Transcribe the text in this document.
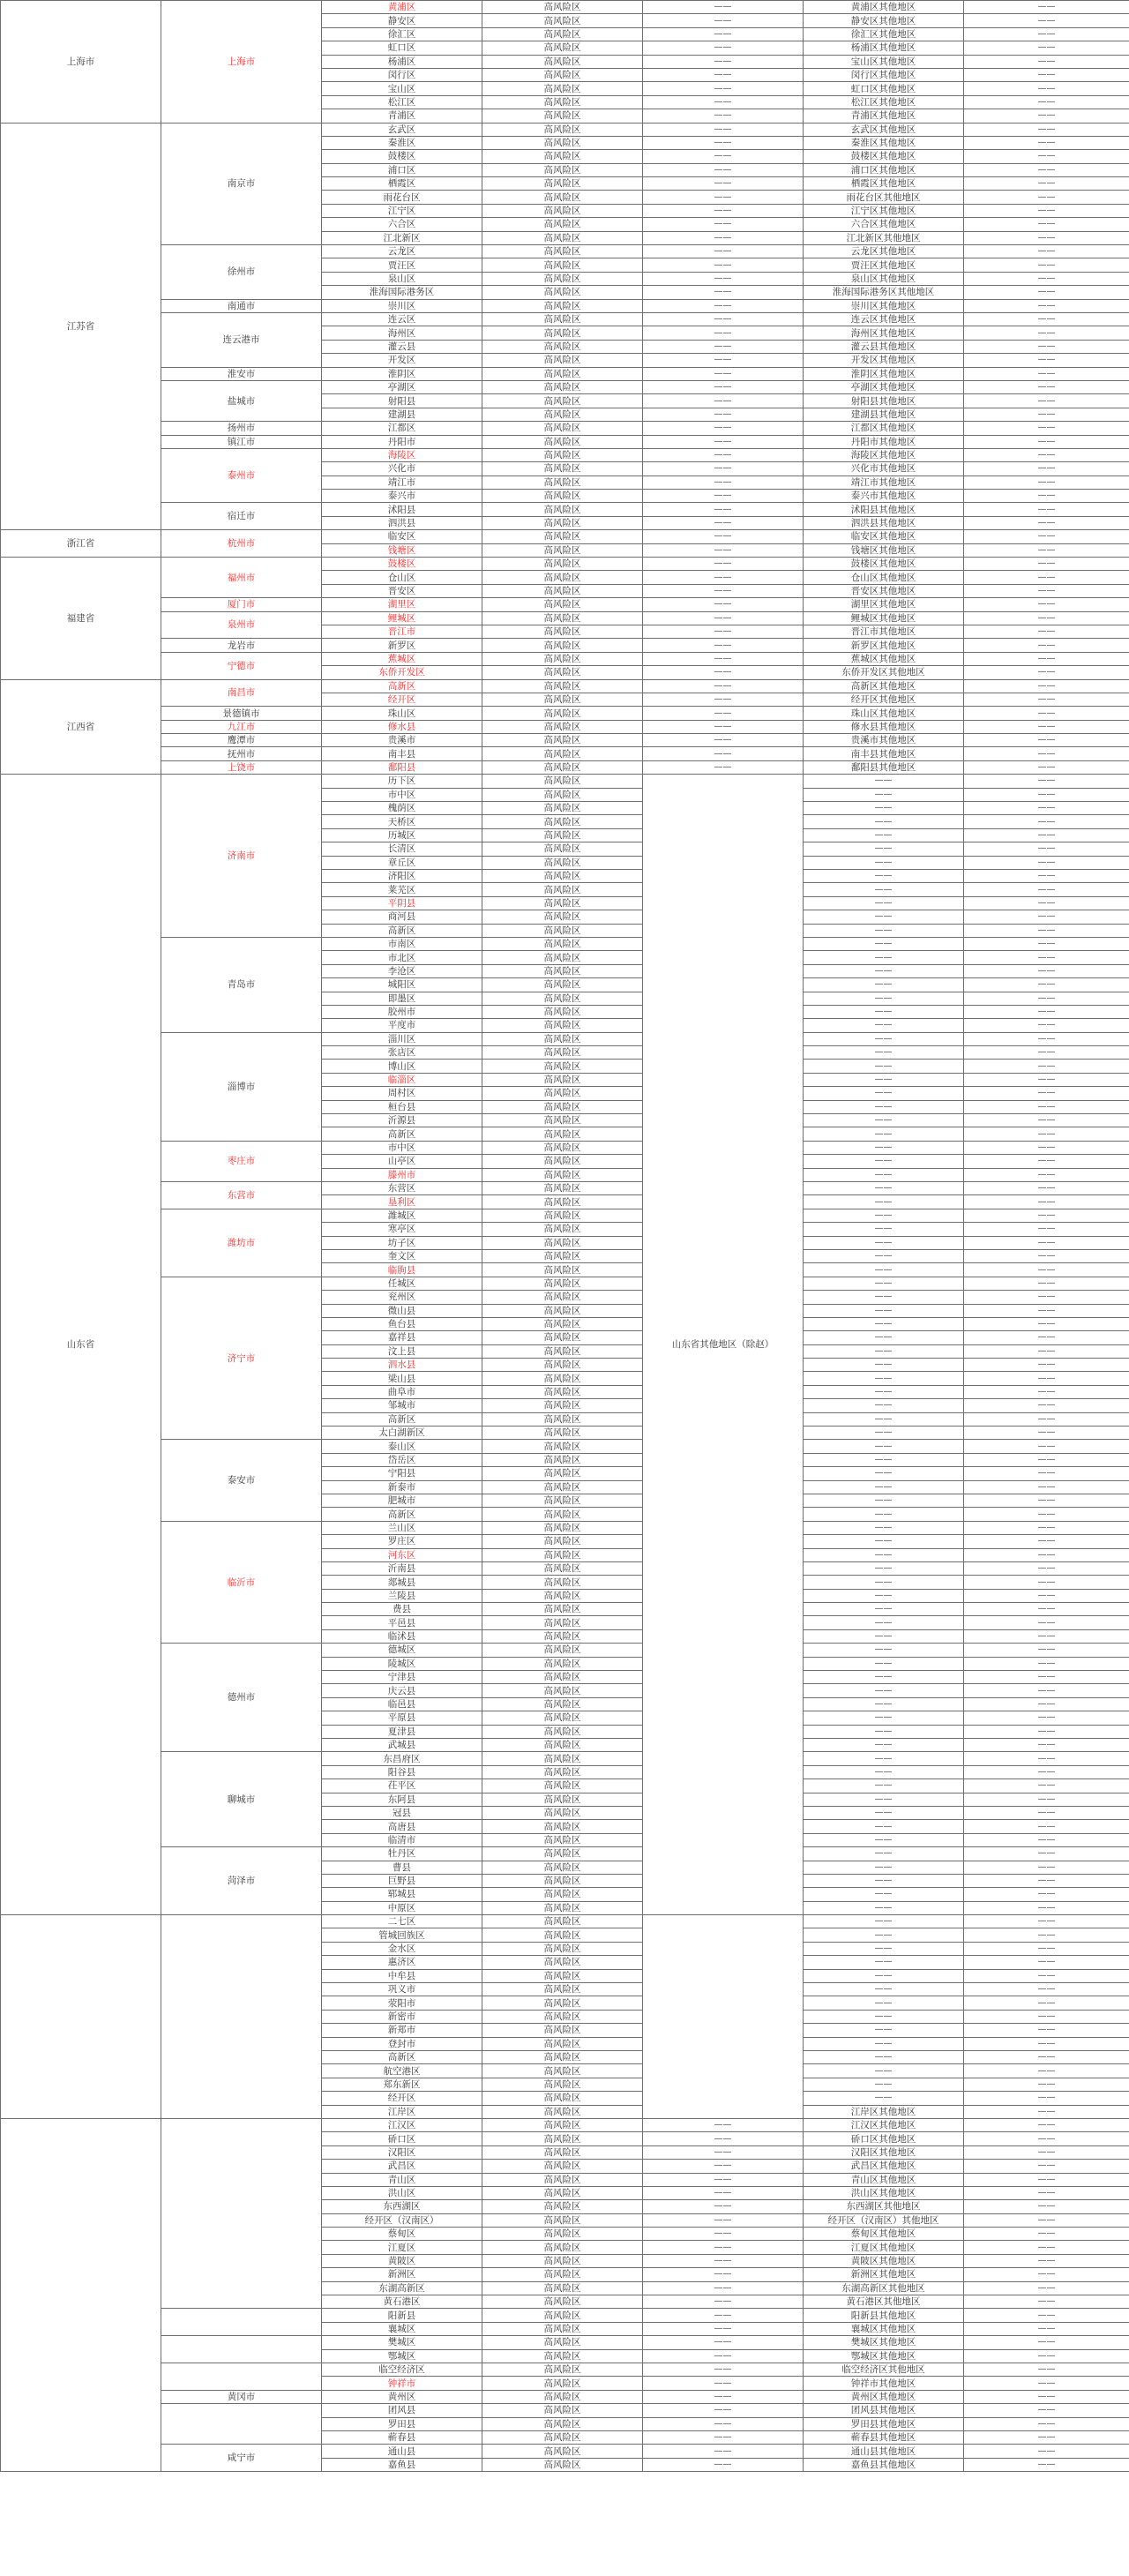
上海市	上海市	黄浦区	高风险区	——	黄浦区其他地区	——
		静安区	高风险区	——	静安区其他地区	——
		徐汇区	高风险区	——	徐汇区其他地区	——
		虹口区	高风险区	——	杨浦区其他地区	——
		杨浦区	高风险区	——	宝山区其他地区	——
		闵行区	高风险区	——	闵行区其他地区	——
		宝山区	高风险区	——	虹口区其他地区	——
		松江区	高风险区	——	松江区其他地区	——
		青浦区	高风险区	——	青浦区其他地区	——
江苏省	南京市	玄武区	高风险区	——	玄武区其他地区	——
		秦淮区	高风险区	——	秦淮区其他地区	——
		鼓楼区	高风险区	——	鼓楼区其他地区	——
		浦口区	高风险区	——	浦口区其他地区	——
		栖霞区	高风险区	——	栖霞区其他地区	——
		雨花台区	高风险区	——	雨花台区其他地区	——
		江宁区	高风险区	——	江宁区其他地区	——
		六合区	高风险区	——	六合区其他地区	——
		江北新区	高风险区	——	江北新区其他地区	——
	徐州市	云龙区	高风险区	——	云龙区其他地区	——
		贾汪区	高风险区	——	贾汪区其他地区	——
		泉山区	高风险区	——	泉山区其他地区	——
		淮海国际港务区	高风险区	——	淮海国际港务区其他地区	——
	南通市	崇川区	高风险区	——	崇川区其他地区	——
	连云港市	连云区	高风险区	——	连云区其他地区	——
		海州区	高风险区	——	海州区其他地区	——
		灌云县	高风险区	——	灌云县其他地区	——
		开发区	高风险区	——	开发区其他地区	——
	淮安市	淮阴区	高风险区	——	淮阴区其他地区	——
	盐城市	亭湖区	高风险区	——	亭湖区其他地区	——
		射阳县	高风险区	——	射阳县其他地区	——
		建湖县	高风险区	——	建湖县其他地区	——
	扬州市	江都区	高风险区	——	江都区其他地区	——
	镇江市	丹阳市	高风险区	——	丹阳市其他地区	——
	泰州市	海陵区	高风险区	——	海陵区其他地区	——
		兴化市	高风险区	——	兴化市其他地区	——
		靖江市	高风险区	——	靖江市其他地区	——
		泰兴市	高风险区	——	泰兴市其他地区	——
	宿迁市	沭阳县	高风险区	——	沭阳县其他地区	——
		泗洪县	高风险区	——	泗洪县其他地区	——
浙江省	杭州市	临安区	高风险区	——	临安区其他地区	——
		钱塘区	高风险区	——	钱塘区其他地区	——
福建省	福州市	鼓楼区	高风险区	——	鼓楼区其他地区	——
		仓山区	高风险区	——	仓山区其他地区	——
		晋安区	高风险区	——	晋安区其他地区	——
	厦门市	湖里区	高风险区	——	湖里区其他地区	——
	泉州市	鲤城区	高风险区	——	鲤城区其他地区	——
		晋江市	高风险区	——	晋江市其他地区	——
	龙岩市	新罗区	高风险区	——	新罗区其他地区	——
	宁德市	蕉城区	高风险区	——	蕉城区其他地区	——
		东侨开发区	高风险区	——	东侨开发区其他地区	——
江西省	南昌市	高新区	高风险区	——	高新区其他地区	——
		经开区	高风险区	——	经开区其他地区	——
	景德镇市	珠山区	高风险区	——	珠山区其他地区	——
	九江市	修水县	高风险区	——	修水县其他地区	——
	鹰潭市	贵溪市	高风险区	——	贵溪市其他地区	——
	抚州市	南丰县	高风险区	——	南丰县其他地区	——
	上饶市	鄱阳县	高风险区	——	鄱阳县其他地区	——
山东省	济南市	历下区	高风险区	山东省其他地区（除赵）	——	——
		市中区	高风险区		——	——
		槐荫区	高风险区		——	——
		天桥区	高风险区		——	——
		历城区	高风险区		——	——
		长清区	高风险区		——	——
		章丘区	高风险区		——	——
		济阳区	高风险区		——	——
		莱芜区	高风险区		——	——
		平阴县	高风险区		——	——
		商河县	高风险区		——	——
		高新区	高风险区		——	——
	青岛市	市南区	高风险区		——	——
		市北区	高风险区		——	——
		李沧区	高风险区		——	——
		城阳区	高风险区		——	——
		即墨区	高风险区		——	——
		胶州市	高风险区		——	——
		平度市	高风险区		——	——
	淄博市	淄川区	高风险区		——	——
		张店区	高风险区		——	——
		博山区	高风险区		——	——
		临淄区	高风险区		——	——
		周村区	高风险区		——	——
		桓台县	高风险区		——	——
		沂源县	高风险区		——	——
		高新区	高风险区		——	——
	枣庄市	市中区	高风险区		——	——
		山亭区	高风险区		——	——
		滕州市	高风险区		——	——
	东营市	东营区	高风险区		——	——
		垦利区	高风险区		——	——
	潍坊市	潍城区	高风险区		——	——
		寒亭区	高风险区		——	——
		坊子区	高风险区		——	——
		奎文区	高风险区		——	——
		临朐县	高风险区		——	——
	济宁市	任城区	高风险区		——	——
		兖州区	高风险区		——	——
		微山县	高风险区		——	——
		鱼台县	高风险区		——	——
		嘉祥县	高风险区		——	——
		汶上县	高风险区		——	——
		泗水县	高风险区		——	——
		梁山县	高风险区		——	——
		曲阜市	高风险区		——	——
		邹城市	高风险区		——	——
		高新区	高风险区		——	——
		太白湖新区	高风险区		——	——
	泰安市	泰山区	高风险区		——	——
		岱岳区	高风险区		——	——
		宁阳县	高风险区		——	——
		新泰市	高风险区		——	——
		肥城市	高风险区		——	——
		高新区	高风险区		——	——
	临沂市	兰山区	高风险区		——	——
		罗庄区	高风险区		——	——
		河东区	高风险区		——	——
		沂南县	高风险区		——	——
		郯城县	高风险区		——	——
		兰陵县	高风险区		——	——
		费县	高风险区		——	——
		平邑县	高风险区		——	——
		临沭县	高风险区		——	——
	德州市	德城区	高风险区		——	——
		陵城区	高风险区		——	——
		宁津县	高风险区		——	——
		庆云县	高风险区		——	——
		临邑县	高风险区		——	——
		平原县	高风险区		——	——
		夏津县	高风险区		——	——
		武城县	高风险区		——	——
	聊城市	东昌府区	高风险区		——	——
		阳谷县	高风险区		——	——
		茌平区	高风险区		——	——
		东阿县	高风险区		——	——
		冠县	高风险区		——	——
		高唐县	高风险区		——	——
		临清市	高风险区		——	——
	菏泽市	牡丹区	高风险区		——	——
		曹县	高风险区		——	——
		巨野县	高风险区		——	——
		郓城县	高风险区		——	——
		中原区	高风险区		——	——
		二七区	高风险区		——	——
		管城回族区	高风险区		——	——
		金水区	高风险区		——	——
		惠济区	高风险区		——	——
		中牟县	高风险区		——	——
		巩义市	高风险区		——	——
		荥阳市	高风险区		——	——
		新密市	高风险区		——	——
		新郑市	高风险区		——	——
		登封市	高风险区		——	——
		高新区	高风险区		——	——
		航空港区	高风险区		——	——
		郑东新区	高风险区		——	——
		经开区	高风险区		——	——
		江岸区	高风险区		江岸区其他地区	——
		江汉区	高风险区	——	江汉区其他地区	——
		硚口区	高风险区	——	硚口区其他地区	——
		汉阳区	高风险区	——	汉阳区其他地区	——
		武昌区	高风险区	——	武昌区其他地区	——
		青山区	高风险区	——	青山区其他地区	——
		洪山区	高风险区	——	洪山区其他地区	——
		东西湖区	高风险区	——	东西湖区其他地区	——
		经开区（汉南区）	高风险区	——	经开区（汉南区）其他地区	——
		蔡甸区	高风险区	——	蔡甸区其他地区	——
		江夏区	高风险区	——	江夏区其他地区	——
		黄陂区	高风险区	——	黄陂区其他地区	——
		新洲区	高风险区	——	新洲区其他地区	——
		东湖高新区	高风险区	——	东湖高新区其他地区	——
		黄石港区	高风险区	——	黄石港区其他地区	——
		阳新县	高风险区	——	阳新县其他地区	——
		襄城区	高风险区	——	襄城区其他地区	——
		樊城区	高风险区	——	樊城区其他地区	——
		鄂城区	高风险区	——	鄂城区其他地区	——
		临空经济区	高风险区	——	临空经济区其他地区	——
		钟祥市	高风险区	——	钟祥市其他地区	——
	黄冈市	黄州区	高风险区	——	黄州区其他地区	——
		团风县	高风险区	——	团风县其他地区	——
		罗田县	高风险区	——	罗田县其他地区	——
		蕲春县	高风险区	——	蕲春县其他地区	——
	咸宁市	通山县	高风险区	——	通山县其他地区	——
		嘉鱼县	高风险区	——	嘉鱼县其他地区	——
